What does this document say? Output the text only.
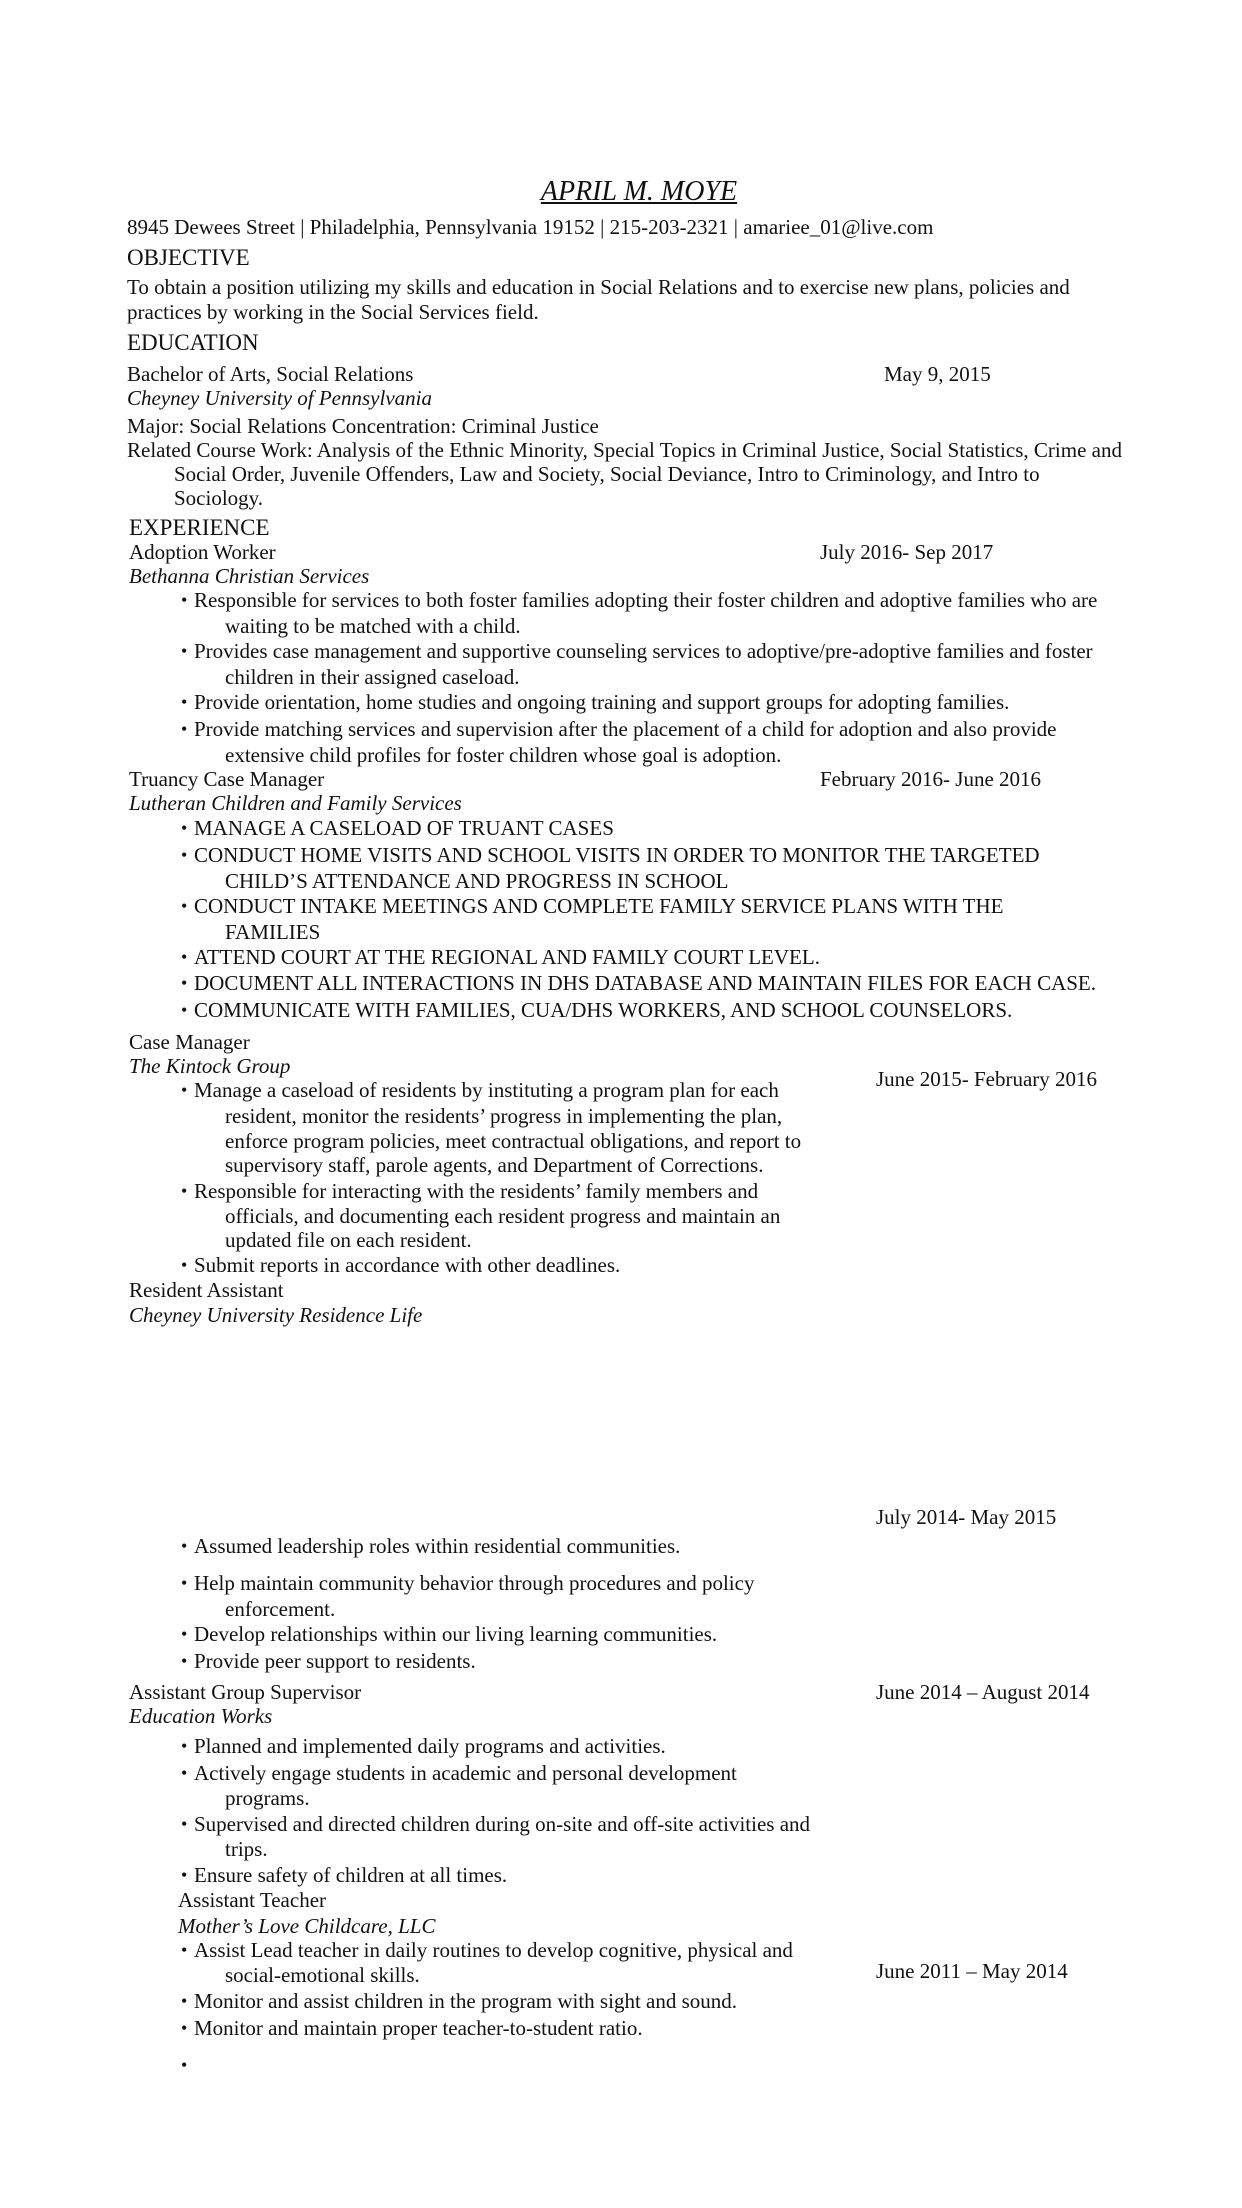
APRIL M. MOYE
8945 Dewees Street | Philadelphia, Pennsylvania 19152 | 215-203-2321 | amariee_01@live.com
OBJECTIVE
To obtain a position utilizing my skills and education in Social Relations and to exercise new plans, policies and
practices by working in the Social Services field.
EDUCATION
Bachelor of Arts, Social Relations	May 9, 2015
Cheyney University of Pennsylvania
Major: Social Relations Concentration: Criminal Justice
Related Course Work: Analysis of the Ethnic Minority, Special Topics in Criminal Justice, Social Statistics, Crime and
Social Order, Juvenile Offenders, Law and Society, Social Deviance, Intro to Criminology, and Intro to
Sociology.
EXPERIENCE
Adoption Worker	July 2016- Sep 2017
Bethanna Christian Services
• Responsible for services to both foster families adopting their foster children and adoptive families who are
waiting to be matched with a child.
• Provides case management and supportive counseling services to adoptive/pre-adoptive families and foster
children in their assigned caseload.
• Provide orientation, home studies and ongoing training and support groups for adopting families.
• Provide matching services and supervision after the placement of a child for adoption and also provide
extensive child profiles for foster children whose goal is adoption.
Truancy Case Manager	February 2016- June 2016
Lutheran Children and Family Services
• MANAGE A CASELOAD OF TRUANT CASES
• CONDUCT HOME VISITS AND SCHOOL VISITS IN ORDER TO MONITOR THE TARGETED
CHILD’S ATTENDANCE AND PROGRESS IN SCHOOL
• CONDUCT INTAKE MEETINGS AND COMPLETE FAMILY SERVICE PLANS WITH THE
FAMILIES
• ATTEND COURT AT THE REGIONAL AND FAMILY COURT LEVEL.
• DOCUMENT ALL INTERACTIONS IN DHS DATABASE AND MAINTAIN FILES FOR EACH CASE.
• COMMUNICATE WITH FAMILIES, CUA/DHS WORKERS, AND SCHOOL COUNSELORS.
Case Manager
June 2015- February 2016
The Kintock Group
• Manage a caseload of residents by instituting a program plan for each
resident, monitor the residents’ progress in implementing the plan,
enforce program policies, meet contractual obligations, and report to
supervisory staff, parole agents, and Department of Corrections.
• Responsible for interacting with the residents’ family members and
officials, and documenting each resident progress and maintain an
updated file on each resident.
• Submit reports in accordance with other deadlines.
Resident Assistant
July 2014- May 2015
Cheyney University Residence Life
• Assumed leadership roles within residential communities.
• Help maintain community behavior through procedures and policy
enforcement.
• Develop relationships within our living learning communities.
• Provide peer support to residents.
Assistant Group Supervisor	June 2014 – August 2014
Education Works
• Planned and implemented daily programs and activities.
• Actively engage students in academic and personal development
programs.
• Supervised and directed children during on-site and off-site activities and
trips.
• Ensure safety of children at all times.
Assistant Teacher
June 2011 – May 2014
Mother’s Love Childcare, LLC
• Assist Lead teacher in daily routines to develop cognitive, physical and
social-emotional skills.
• Monitor and assist children in the program with sight and sound.
• Monitor and maintain proper teacher-to-student ratio.
•
